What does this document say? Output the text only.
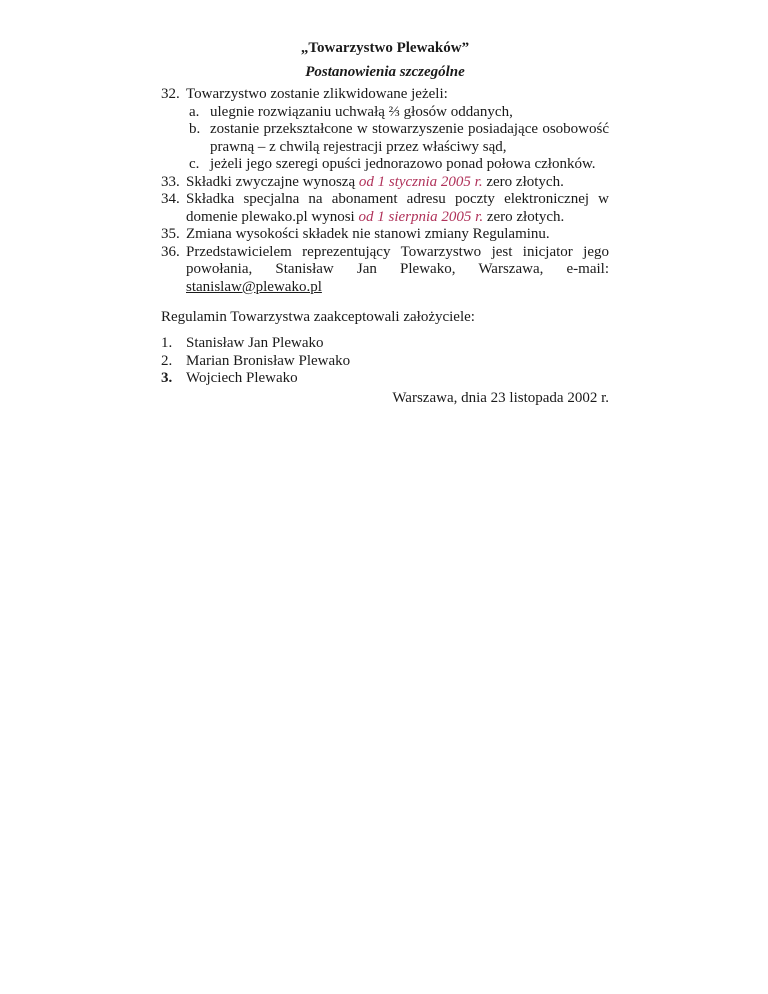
„Towarzystwo Plewaków”
Postanowienia szczególne
32. Towarzystwo zostanie zlikwidowane jeżeli:
a. ulegnie rozwiązaniu uchwałą ⅔ głosów oddanych,
b. zostanie przekształcone w stowarzyszenie posiadające osobowość prawną – z chwilą rejestracji przez właściwy sąd,
c. jeżeli jego szeregi opuści jednorazowo ponad połowa członków.
33. Składki zwyczajne wynoszą od 1 stycznia 2005 r. zero złotych.
34. Składka specjalna na abonament adresu poczty elektronicznej w domenie plewako.pl wynosi od 1 sierpnia 2005 r. zero złotych.
35. Zmiana wysokości składek nie stanowi zmiany Regulaminu.
36. Przedstawicielem reprezentujący Towarzystwo jest inicjator jego powołania, Stanisław Jan Plewako, Warszawa, e-mail: stanislaw@plewako.pl
Regulamin Towarzystwa zaakceptowali założyciele:
1. Stanisław Jan Plewako
2. Marian Bronisław Plewako
3. Wojciech Plewako
Warszawa, dnia 23 listopada 2002 r.
